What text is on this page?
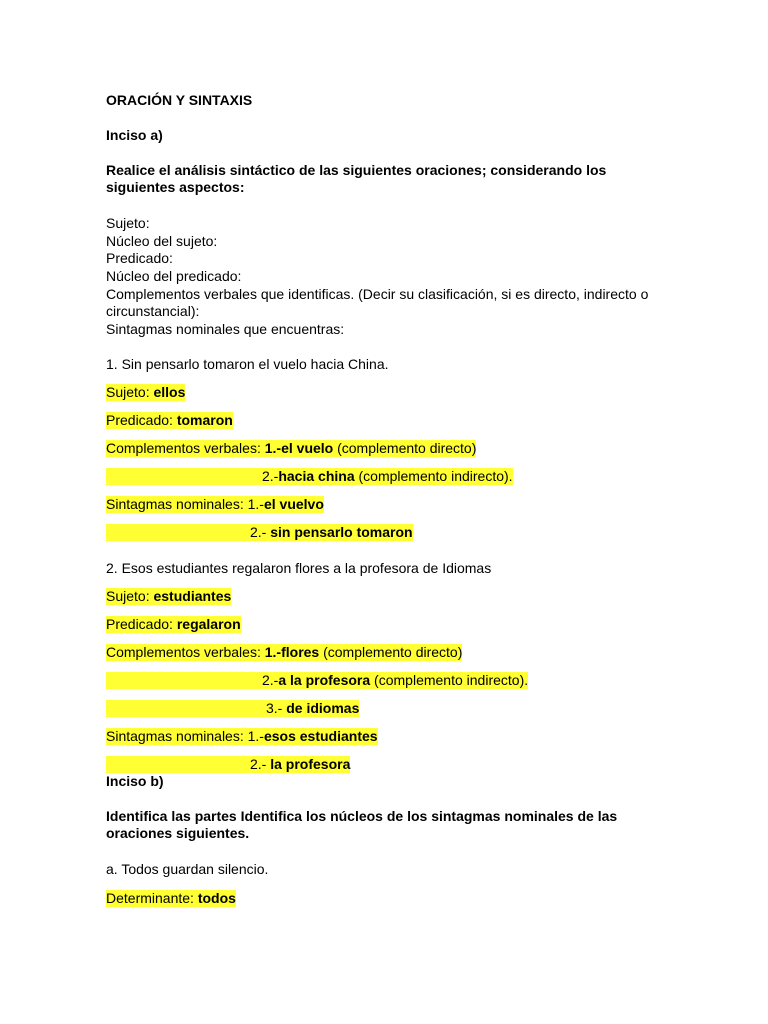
ORACIÓN Y SINTAXIS
Inciso a)
Realice el análisis sintáctico de las siguientes oraciones; considerando los
siguientes aspectos:
Sujeto:
Núcleo del sujeto:
Predicado:
Núcleo del predicado:
Complementos verbales que identificas. (Decir su clasificación, si es directo, indirecto o
circunstancial):
Sintagmas nominales que encuentras:
1. Sin pensarlo tomaron el vuelo hacia China.
Sujeto: ellos
Predicado: tomaron
Complementos verbales: 1.-el vuelo (complemento directo)
2.-hacia china (complemento indirecto).
Sintagmas nominales: 1.-el vuelvo
2.- sin pensarlo tomaron
2. Esos estudiantes regalaron flores a la profesora de Idiomas
Sujeto: estudiantes
Predicado: regalaron
Complementos verbales: 1.-flores (complemento directo)
2.-a la profesora (complemento indirecto).
3.- de idiomas
Sintagmas nominales: 1.-esos estudiantes
2.- la profesora
Inciso b)
Identifica las partes Identifica los núcleos de los sintagmas nominales de las
oraciones siguientes.
a. Todos guardan silencio.
Determinante: todos
